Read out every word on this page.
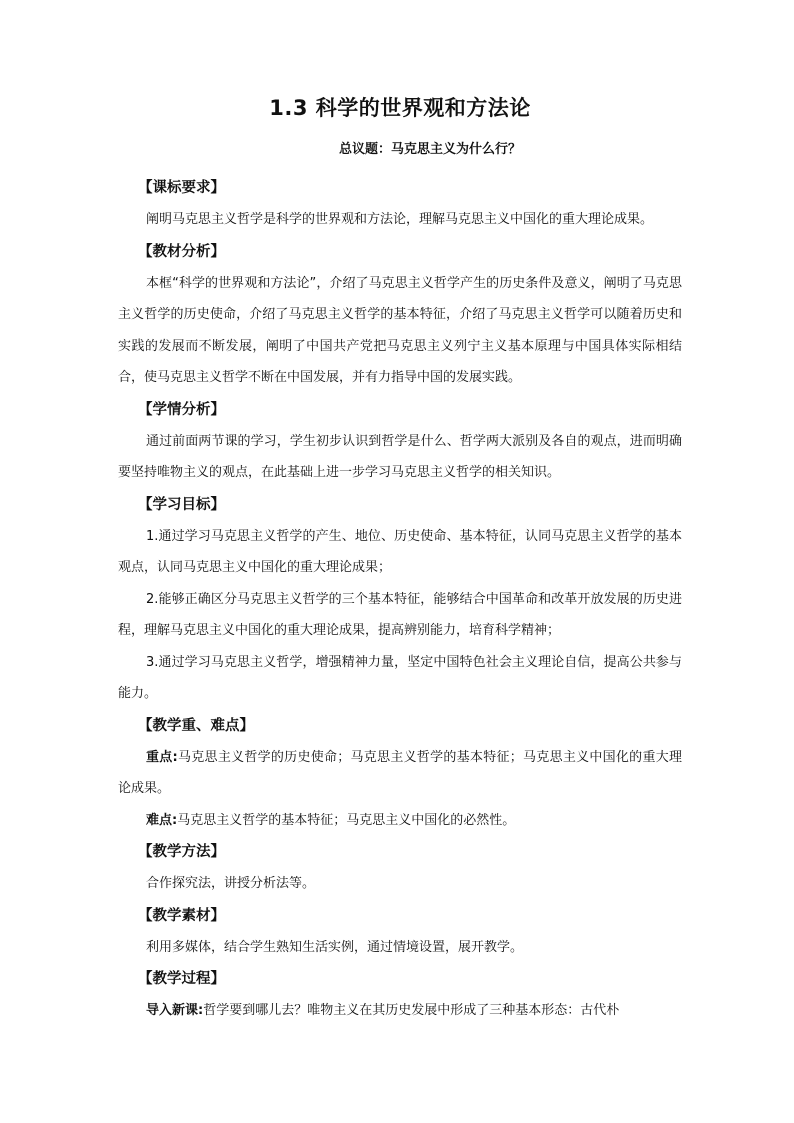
1.3 科学的世界观和方法论
总议题：马克思主义为什么行？
【课标要求】

阐明马克思主义哲学是科学的世界观和方法论，理解马克思主义中国化的重大理论成果。

【教材分析】

本框“科学的世界观和方法论”，介绍了马克思主义哲学产生的历史条件及意义，阐明了马克思主义哲学的历史使命，介绍了马克思主义哲学的基本特征，介绍了马克思主义哲学可以随着历史和实践的发展而不断发展，阐明了中国共产党把马克思主义列宁主义基本原理与中国具体实际相结合，使马克思主义哲学不断在中国发展，并有力指导中国的发展实践。

【学情分析】

通过前面两节课的学习，学生初步认识到哲学是什么、哲学两大派别及各自的观点，进而明确要坚持唯物主义的观点，在此基础上进一步学习马克思主义哲学的相关知识。

【学习目标】

1.通过学习马克思主义哲学的产生、地位、历史使命、基本特征，认同马克思主义哲学的基本观点，认同马克思主义中国化的重大理论成果；

2.能够正确区分马克思主义哲学的三个基本特征，能够结合中国革命和改革开放发展的历史进程，理解马克思主义中国化的重大理论成果，提高辨别能力，培育科学精神；

3.通过学习马克思主义哲学，增强精神力量，坚定中国特色社会主义理论自信，提高公共参与能力。

【教学重、难点】

重点:马克思主义哲学的历史使命；马克思主义哲学的基本特征；马克思主义中国化的重大理论成果。

难点:马克思主义哲学的基本特征；马克思主义中国化的必然性。

【教学方法】

合作探究法，讲授分析法等。

【教学素材】

利用多媒体，结合学生熟知生活实例，通过情境设置，展开教学。

【教学过程】

导入新课:哲学要到哪儿去？唯物主义在其历史发展中形成了三种基本形态：古代朴
